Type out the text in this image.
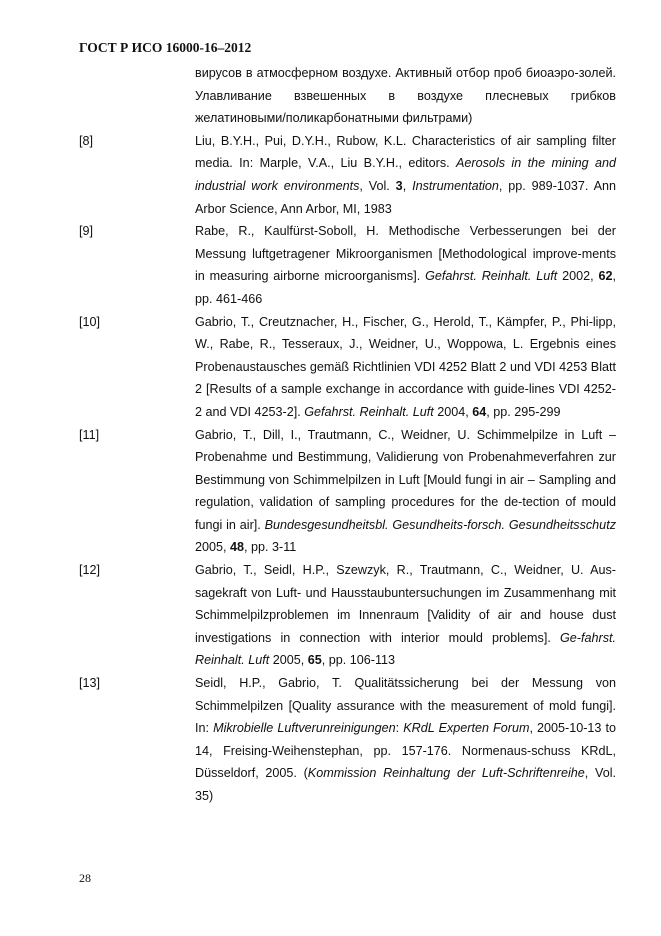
ГОСТ Р ИСО 16000-16–2012
вирусов в атмосферном воздухе. Активный отбор проб биоаэро-золей. Улавливание взвешенных в воздухе плесневых грибков желатиновыми/поликарбонатными фильтрами)
[8]	Liu, B.Y.H., Pui, D.Y.H., Rubow, K.L. Characteristics of air sampling filter media. In: Marple, V.A., Liu B.Y.H., editors. Aerosols in the mining and industrial work environments, Vol. 3, Instrumentation, pp. 989-1037. Ann Arbor Science, Ann Arbor, MI, 1983
[9]	Rabe, R., Kaulfürst-Soboll, H. Methodische Verbesserungen bei der Messung luftgetragener Mikroorganismen [Methodological improve-ments in measuring airborne microorganisms]. Gefahrst. Reinhalt. Luft 2002, 62, pp. 461-466
[10]	Gabrio, T., Creutznacher, H., Fischer, G., Herold, T., Kämpfer, P., Phi-lipp, W., Rabe, R., Tesseraux, J., Weidner, U., Woppowa, L. Ergebnis eines Probenaustausches gemäß Richtlinien VDI 4252 Blatt 2 und VDI 4253 Blatt 2 [Results of a sample exchange in accordance with guide-lines VDI 4252-2 and VDI 4253-2]. Gefahrst. Reinhalt. Luft 2004, 64, pp. 295-299
[11]	Gabrio, T., Dill, I., Trautmann, C., Weidner, U. Schimmelpilze in Luft – Probenahme und Bestimmung, Validierung von Probenahmeverfahren zur Bestimmung von Schimmelpilzen in Luft [Mould fungi in air – Sampling and regulation, validation of sampling procedures for the de-tection of mould fungi in air]. Bundesgesundheitsbl. Gesundheits-forsch. Gesundheitsschutz 2005, 48, pp. 3-11
[12]	Gabrio, T., Seidl, H.P., Szewzyk, R., Trautmann, C., Weidner, U. Aus-sagekraft von Luft- und Hausstaubuntersuchungen im Zusammenhang mit Schimmelpilzproblemen im Innenraum [Validity of air and house dust investigations in connection with interior mould problems]. Ge-fahrst. Reinhalt. Luft 2005, 65, pp. 106-113
[13]	Seidl, H.P., Gabrio, T. Qualitätssicherung bei der Messung von Schimmelpilzen [Quality assurance with the measurement of mold fungi]. In: Mikrobielle Luftverunreinigungen: KRdL Experten Forum, 2005-10-13 to 14, Freising-Weihenstephan, pp. 157-176. Normenaus-schuss KRdL, Düsseldorf, 2005. (Kommission Reinhaltung der Luft-Schriftenreihe, Vol. 35)
28
